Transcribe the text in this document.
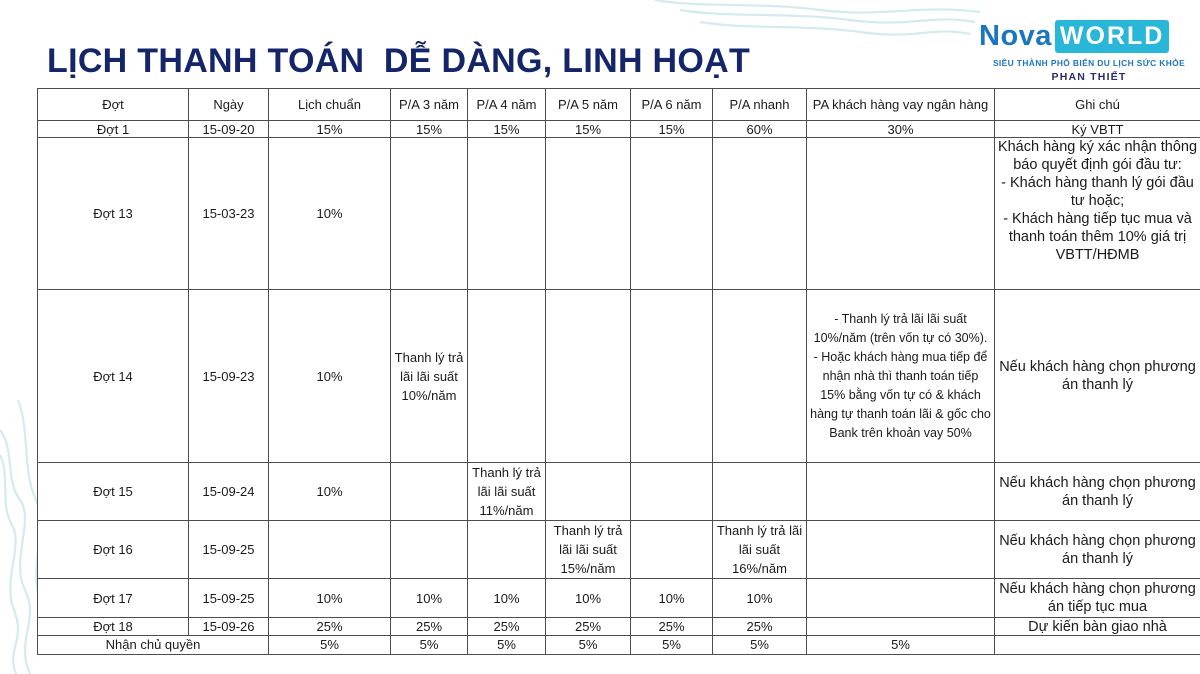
LỊCH THANH TOÁN  DỄ DÀNG, LINH HOẠT
Nova WORLD
SIÊU THÀNH PHỐ BIỂN DU LỊCH SỨC KHỎE
PHAN THIẾT
Đợt	Ngày	Lịch chuẩn	P/A 3 năm	P/A 4 năm	P/A 5 năm	P/A 6 năm	P/A nhanh	PA khách hàng vay ngân hàng	Ghi chú
Đợt 1	15-09-20	15%	15%	15%	15%	15%	60%	30%	Ký VBTT
Đợt 13	15-03-23	10%							Khách hàng ký xác nhận thông báo quyết định gói đầu tư:
- Khách hàng thanh lý gói đầu tư hoặc;
- Khách hàng tiếp tục mua và thanh toán thêm 10% giá trị VBTT/HĐMB
Đợt 14	15-09-23	10%	Thanh lý trả lãi lãi suất 10%/năm					- Thanh lý trả lãi lãi suất 10%/năm (trên vốn tự có 30%).
- Hoặc khách hàng mua tiếp để nhận nhà thì thanh toán tiếp 15% bằng vốn tự có & khách hàng tự thanh toán lãi & gốc cho Bank trên khoản vay 50%	Nếu khách hàng chọn phương án thanh lý
Đợt 15	15-09-24	10%		Thanh lý trả lãi lãi suất 11%/năm					Nếu khách hàng chọn phương án thanh lý
Đợt 16	15-09-25				Thanh lý trả lãi lãi suất 15%/năm		Thanh lý trả lãi lãi suất 16%/năm		Nếu khách hàng chọn phương án thanh lý
Đợt 17	15-09-25	10%	10%	10%	10%	10%	10%		Nếu khách hàng chọn phương án tiếp tục mua
Đợt 18	15-09-26	25%	25%	25%	25%	25%	25%		Dự kiến bàn giao nhà
Nhận chủ quyền		5%	5%	5%	5%	5%	5%	5%	
